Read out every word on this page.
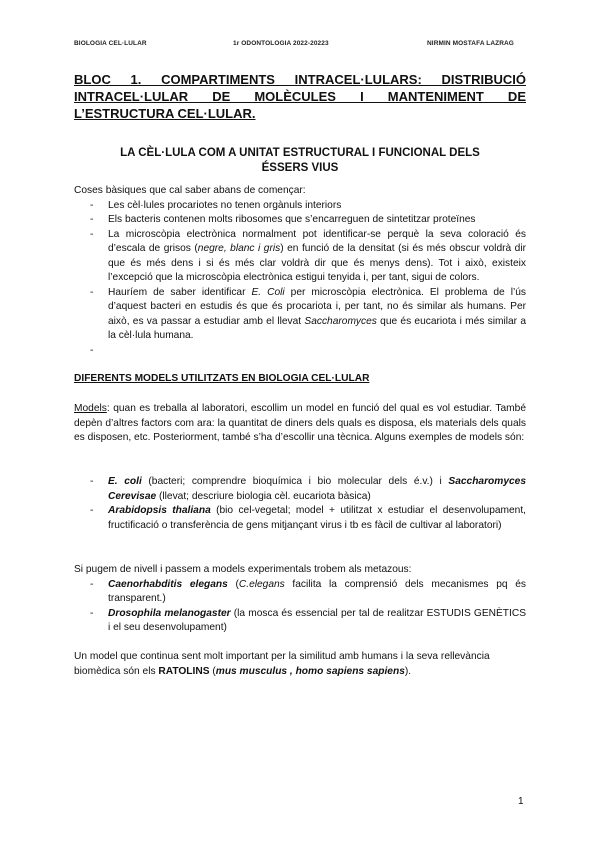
BIOLOGIA CEL·LULAR	1r ODONTOLOGIA 2022-20223	NIRMIN MOSTAFA LAZRAG
BLOC 1. COMPARTIMENTS INTRACEL·LULARS: DISTRIBUCIÓ INTRACEL·LULAR DE MOLÈCULES I MANTENIMENT DE L’ESTRUCTURA CEL·LULAR.
LA CÈL·LULA COM A UNITAT ESTRUCTURAL I FUNCIONAL DELS
ÉSSERS VIUS
Coses bàsiques que cal saber abans de començar:
- Les cèl·lules procariotes no tenen orgànuls interiors
- Els bacteris contenen molts ribosomes que s’encarreguen de sintetitzar proteïnes
- La microscòpia electrònica normalment pot identificar-se perquè la seva coloració és d’escala de grisos (negre, blanc i gris) en funció de la densitat (si és més obscur voldrà dir que és més dens i si és més clar voldrà dir que és menys dens). Tot i això, existeix l’excepció que la microscòpia electrònica estigui tenyida i, per tant, sigui de colors.
- Hauríem de saber identificar E. Coli per microscòpia electrònica. El problema de l’ús d’aquest bacteri en estudis és que és procariota i, per tant, no és similar als humans. Per això, es va passar a estudiar amb el llevat Saccharomyces que és eucariota i més similar a la cèl·lula humana.
-
DIFERENTS MODELS UTILITZATS EN BIOLOGIA CEL·LULAR
Models: quan es treballa al laboratori, escollim un model en funció del qual es vol estudiar. També depèn d’altres factors com ara: la quantitat de diners dels quals es disposa, els materials dels quals es disposen, etc. Posteriorment, també s’ha d’escollir una tècnica. Alguns exemples de models són:
- E. coli (bacteri; comprendre bioquímica i bio molecular dels é.v.) i Saccharomyces Cerevisae (llevat; descriure biologia cèl. eucariota bàsica)
- Arabidopsis thaliana (bio cel-vegetal; model + utilitzat x estudiar el desenvolupament, fructificació o transferència de gens mitjançant virus i tb es fàcil de cultivar al laboratori)
Si pugem de nivell i passem a models experimentals trobem als metazous:
- Caenorhabditis elegans (C.elegans facilita la comprensió dels mecanismes pq és transparent.)
- Drosophila melanogaster (la mosca és essencial per tal de realitzar ESTUDIS GENÈTICS i el seu desenvolupament)
Un model que continua sent molt important per la similitud amb humans i la seva rellevància biomèdica són els RATOLINS (mus musculus , homo sapiens sapiens).
1
